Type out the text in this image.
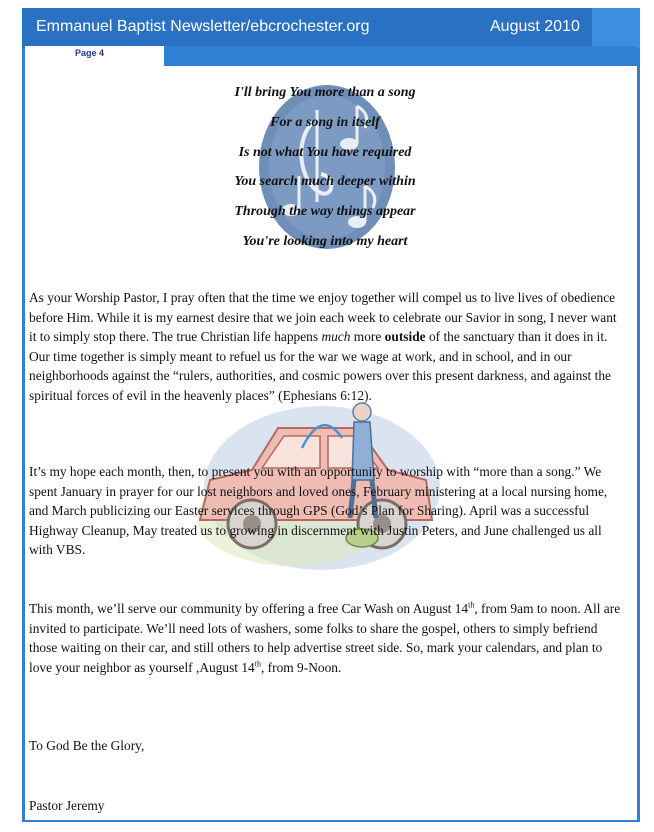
Emmanuel Baptist Newsletter/ebcrochester.org	August 2010
Page 4
I'll bring You more than a song
For a song in itself
Is not what You have required
You search much deeper within
Through the way things appear
You're looking into my heart
As your Worship Pastor, I pray often that the time we enjoy together will compel us to live lives of obedience before Him. While it is my earnest desire that we join each week to celebrate our Savior in song, I never want it to simply stop there. The true Christian life happens much more outside of the sanctuary than it does in it. Our time together is simply meant to refuel us for the war we wage at work, and in school, and in our neighborhoods against the “rulers, authorities, and cosmic powers over this present darkness, and against the spiritual forces of evil in the heavenly places” (Ephesians 6:12).
It’s my hope each month, then, to present you with an opportunity to worship with “more than a song.” We spent January in prayer for our lost neighbors and loved ones, February ministering at a local nursing home, and March publicizing our Easter services through GPS (God’s Plan for Sharing). April was a successful Highway Cleanup, May treated us to growing in discernment with Justin Peters, and June challenged us all with VBS.
This month, we’ll serve our community by offering a free Car Wash on August 14th, from 9am to noon. All are invited to participate. We’ll need lots of washers, some folks to share the gospel, others to simply befriend those waiting on their car, and still others to help advertise street side. So, mark your calendars, and plan to love your neighbor as yourself ,August 14th, from 9-Noon.
To God Be the Glory,
Pastor Jeremy
